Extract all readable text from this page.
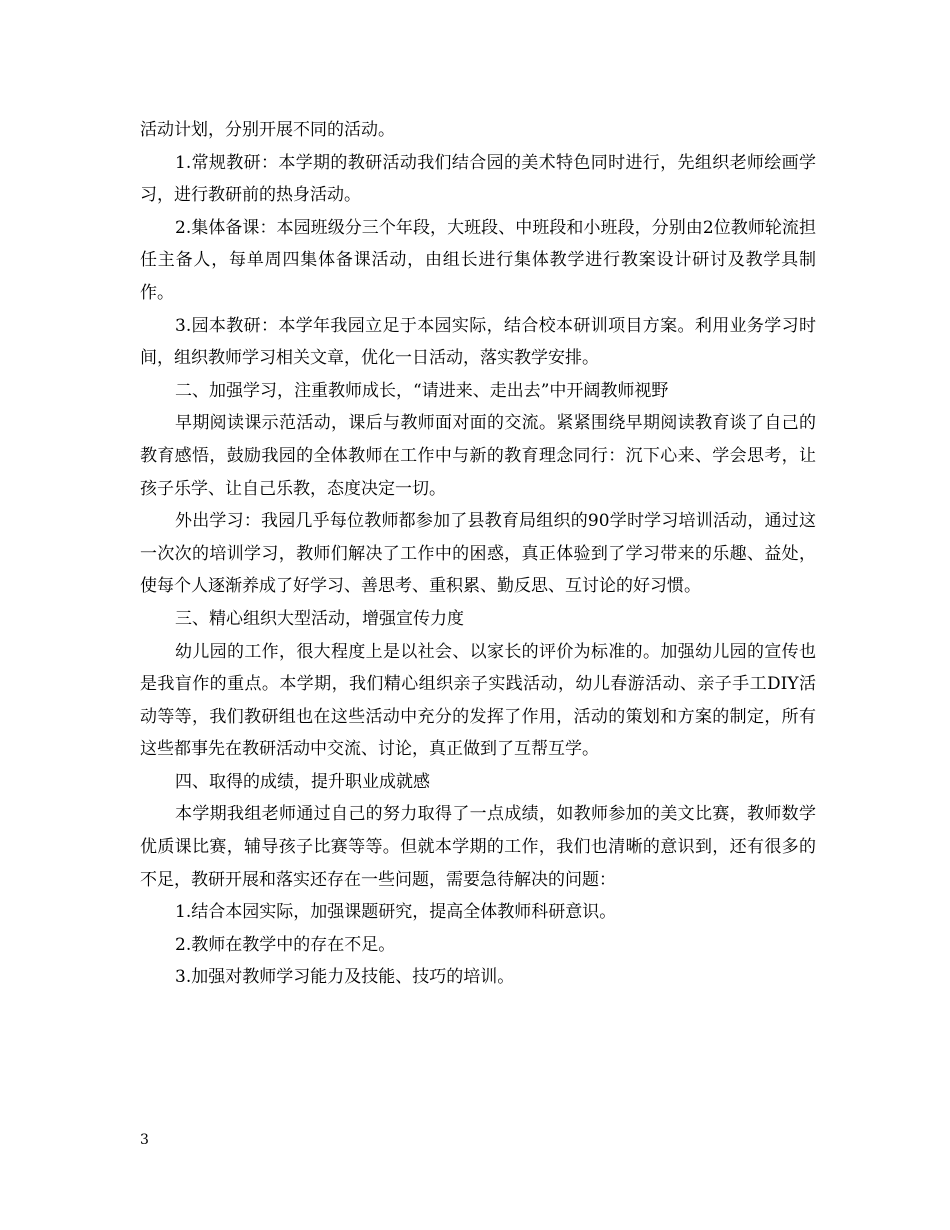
活动计划，分别开展不同的活动。

1.常规教研：本学期的教研活动我们结合园的美术特色同时进行，先组织老师绘画学习，进行教研前的热身活动。

2.集体备课：本园班级分三个年段，大班段、中班段和小班段，分别由2位教师轮流担任主备人，每单周四集体备课活动，由组长进行集体教学进行教案设计研讨及教学具制作。

3.园本教研：本学年我园立足于本园实际，结合校本研训项目方案。利用业务学习时间，组织教师学习相关文章，优化一日活动，落实教学安排。

二、加强学习，注重教师成长，“请进来、走出去”中开阔教师视野

早期阅读课示范活动，课后与教师面对面的交流。紧紧围绕早期阅读教育谈了自己的教育感悟，鼓励我园的全体教师在工作中与新的教育理念同行：沉下心来、学会思考，让孩子乐学、让自己乐教，态度决定一切。

外出学习：我园几乎每位教师都参加了县教育局组织的90学时学习培训活动，通过这一次次的培训学习，教师们解决了工作中的困惑，真正体验到了学习带来的乐趣、益处，使每个人逐渐养成了好学习、善思考、重积累、勤反思、互讨论的好习惯。

三、精心组织大型活动，增强宣传力度

幼儿园的工作，很大程度上是以社会、以家长的评价为标准的。加强幼儿园的宣传也是我盲作的重点。本学期，我们精心组织亲子实践活动，幼儿春游活动、亲子手工DIY活动等等，我们教研组也在这些活动中充分的发挥了作用，活动的策划和方案的制定，所有这些都事先在教研活动中交流、讨论，真正做到了互帮互学。

四、取得的成绩，提升职业成就感

本学期我组老师通过自己的努力取得了一点成绩，如教师参加的美文比赛，教师数学优质课比赛，辅导孩子比赛等等。但就本学期的工作，我们也清晰的意识到，还有很多的不足，教研开展和落实还存在一些问题，需要急待解决的问题：

1.结合本园实际，加强课题研究，提高全体教师科研意识。

2.教师在教学中的存在不足。

3.加强对教师学习能力及技能、技巧的培训。

3
